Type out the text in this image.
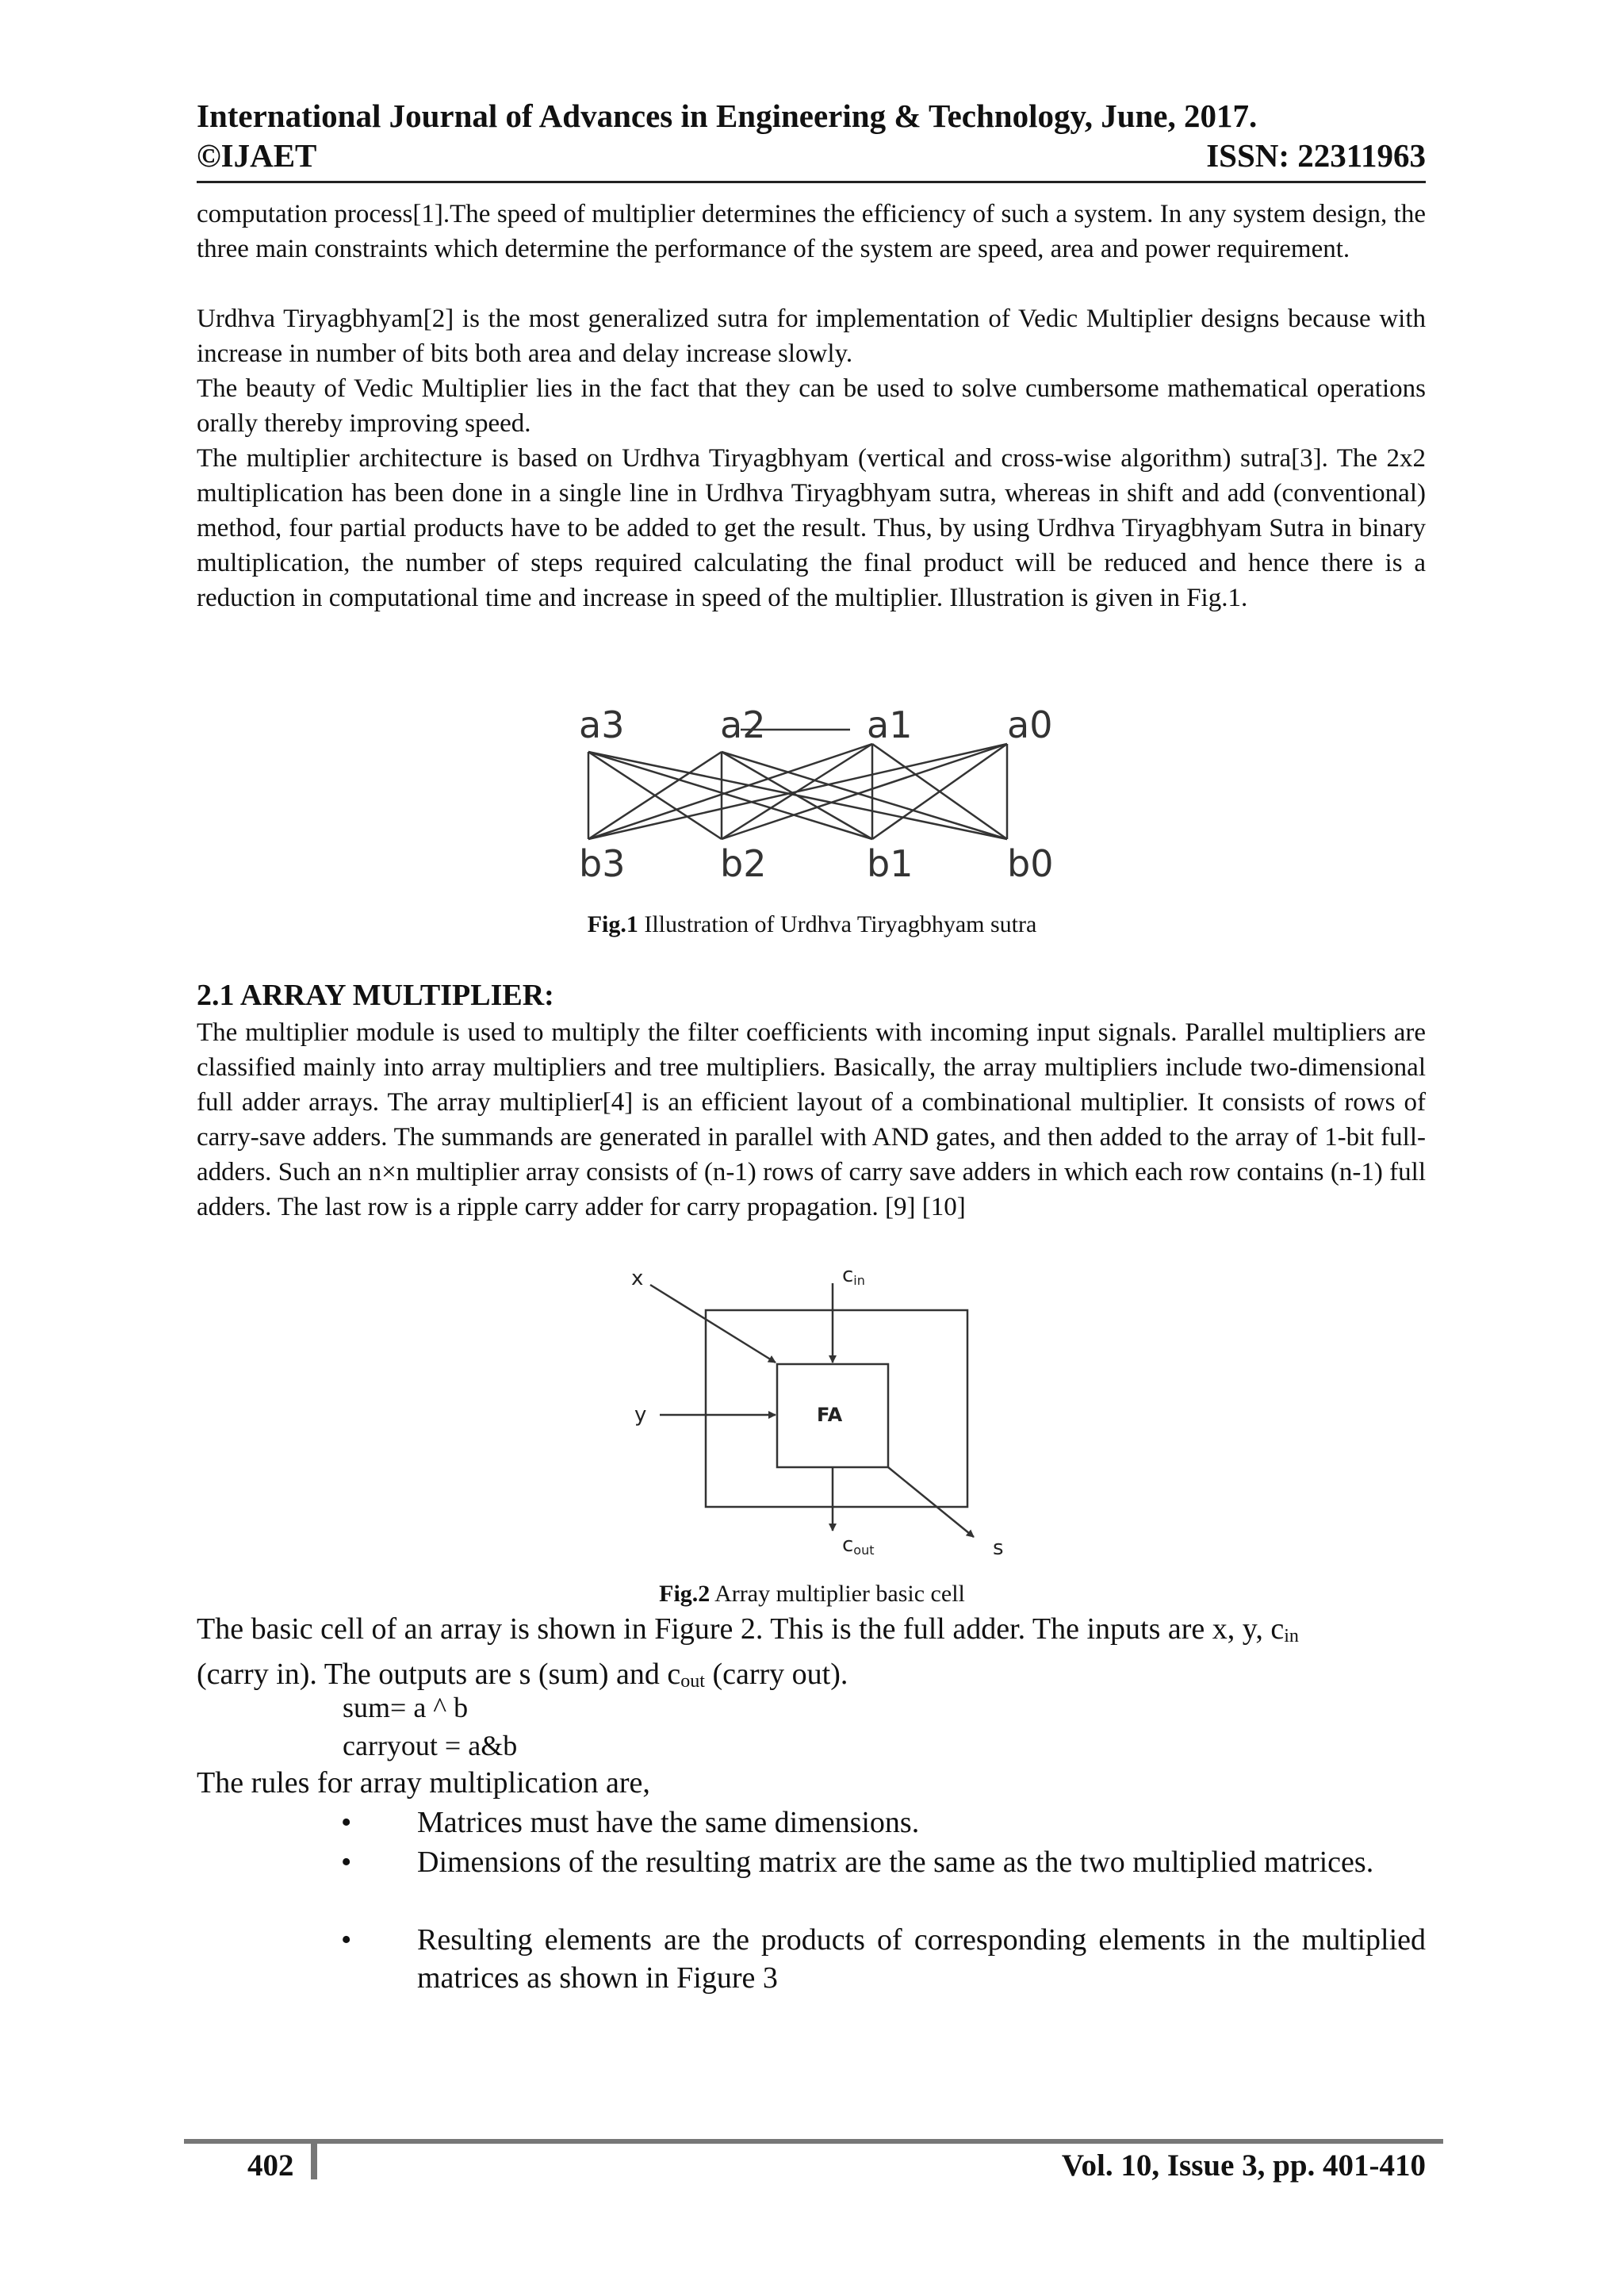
International Journal of Advances in Engineering & Technology, June, 2017.
©IJAET	ISSN: 22311963

computation process[1].The speed of multiplier determines the efficiency of such a system. In any system design, the three main constraints which determine the performance of the system are speed, area and power requirement.

Urdhva Tiryagbhyam[2] is the most generalized sutra for implementation of Vedic Multiplier designs because with increase in number of bits both area and delay increase slowly.

The beauty of Vedic Multiplier lies in the fact that they can be used to solve cumbersome mathematical operations orally thereby improving speed.

The multiplier architecture is based on Urdhva Tiryagbhyam (vertical and cross-wise algorithm) sutra[3]. The 2x2 multiplication has been done in a single line in Urdhva Tiryagbhyam sutra, whereas in shift and add (conventional) method, four partial products have to be added to get the result. Thus, by using Urdhva Tiryagbhyam Sutra in binary multiplication, the number of steps required calculating the final product will be reduced and hence there is a reduction in computational time and increase in speed of the multiplier. Illustration is given in Fig.1.

a3	a2	a1	a0
b3	b2	b1	b0
Fig.1 Illustration of Urdhva Tiryagbhyam sutra
2.1 ARRAY MULTIPLIER:

The multiplier module is used to multiply the filter coefficients with incoming input signals. Parallel multipliers are classified mainly into array multipliers and tree multipliers. Basically, the array multipliers include two-dimensional full adder arrays. The array multiplier[4] is an efficient layout of a combinational multiplier. It consists of rows of carry-save adders. The summands are generated in parallel with AND gates, and then added to the array of 1-bit full-adders. Such an n×n multiplier array consists of (n-1) rows of carry save adders in which each row contains (n-1) full adders. The last row is a ripple carry adder for carry propagation. [9] [10]

x
y
cin
cout	s
FA
Fig.2 Array multiplier basic cell
The basic cell of an array is shown in Figure 2. This is the full adder. The inputs are x, y, $c_{in}$
(carry in). The outputs are s (sum) and $c_{out}$ (carry out).
sum= a ^ b
carryout = a&b
The rules for array multiplication are,
•	Matrices must have the same dimensions.
•	Dimensions of the resulting matrix are the same as the two multiplied matrices.
•	Resulting elements are the products of corresponding elements in the multiplied matrices as shown in Figure 3
402	Vol. 10, Issue 3, pp. 401-410
